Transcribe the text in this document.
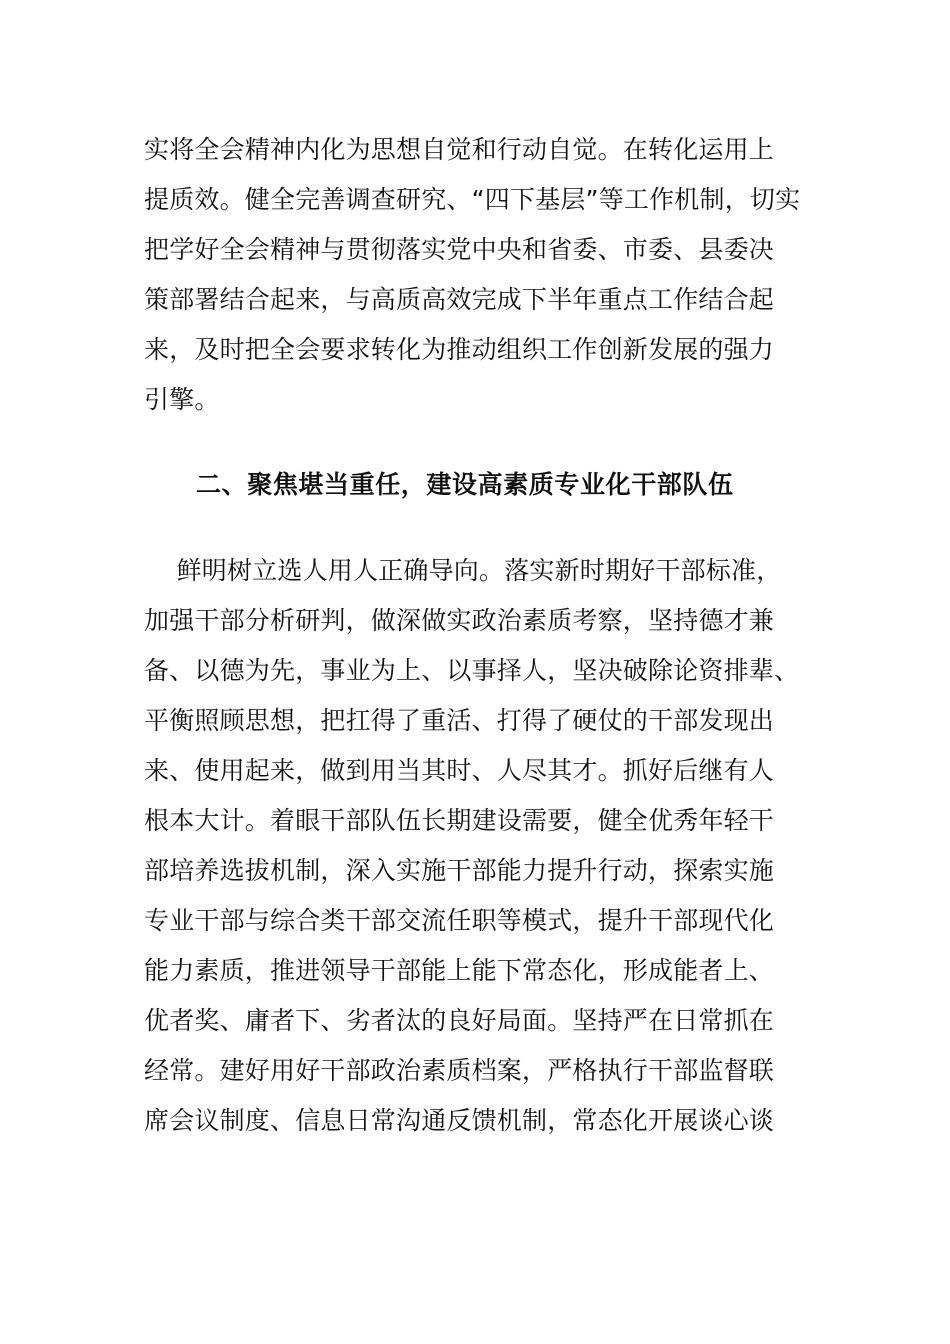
实将全会精神内化为思想自觉和行动自觉。在转化运用上
提质效。健全完善调查研究、“四下基层”等工作机制，切实
把学好全会精神与贯彻落实党中央和省委、市委、县委决
策部署结合起来，与高质高效完成下半年重点工作结合起
来，及时把全会要求转化为推动组织工作创新发展的强力
引擎。
二、聚焦堪当重任，建设高素质专业化干部队伍
鲜明树立选人用人正确导向。落实新时期好干部标准，
加强干部分析研判，做深做实政治素质考察，坚持德才兼
备、以德为先，事业为上、以事择人，坚决破除论资排辈、
平衡照顾思想，把扛得了重活、打得了硬仗的干部发现出
来、使用起来，做到用当其时、人尽其才。抓好后继有人
根本大计。着眼干部队伍长期建设需要，健全优秀年轻干
部培养选拔机制，深入实施干部能力提升行动，探索实施
专业干部与综合类干部交流任职等模式，提升干部现代化
能力素质，推进领导干部能上能下常态化，形成能者上、
优者奖、庸者下、劣者汰的良好局面。坚持严在日常抓在
经常。建好用好干部政治素质档案，严格执行干部监督联
席会议制度、信息日常沟通反馈机制，常态化开展谈心谈
